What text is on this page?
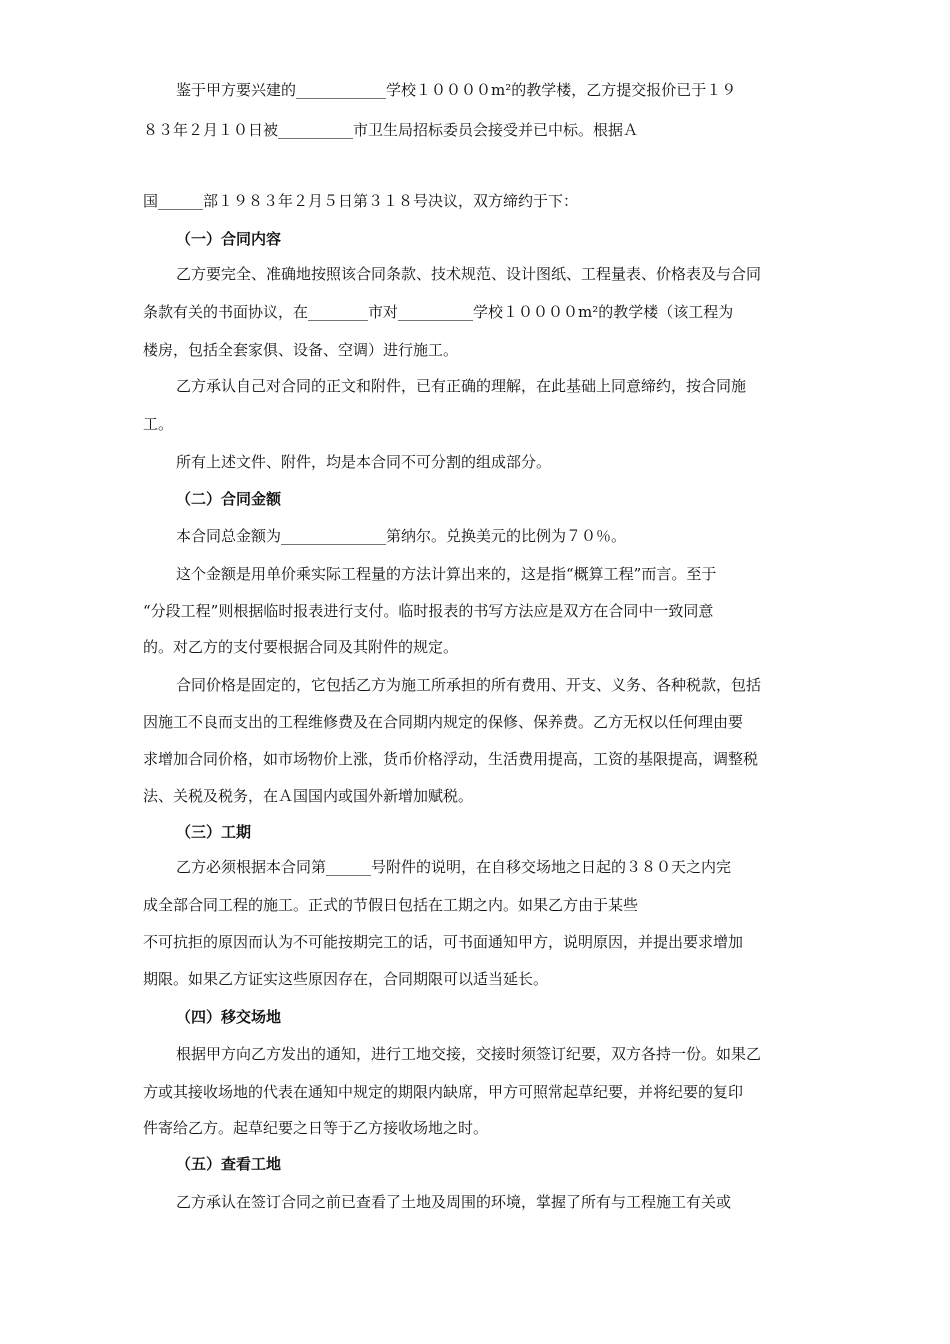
鉴于甲方要兴建的____________学校１００００m²的教学楼，乙方提交报价已于１９
８３年２月１０日被__________市卫生局招标委员会接受并已中标。根据Ａ
国______部１９８３年２月５日第３１８号决议，双方缔约于下：
（一）合同内容
乙方要完全、准确地按照该合同条款、技术规范、设计图纸、工程量表、价格表及与合同
条款有关的书面协议，在________市对__________学校１００００m²的教学楼（该工程为
楼房，包括全套家俱、设备、空调）进行施工。
乙方承认自己对合同的正文和附件，已有正确的理解，在此基础上同意缔约，按合同施
工。
所有上述文件、附件，均是本合同不可分割的组成部分。
（二）合同金额
本合同总金额为______________第纳尔。兑换美元的比例为７０％。
这个金额是用单价乘实际工程量的方法计算出来的，这是指“概算工程”而言。至于
“分段工程”则根据临时报表进行支付。临时报表的书写方法应是双方在合同中一致同意
的。对乙方的支付要根据合同及其附件的规定。
合同价格是固定的，它包括乙方为施工所承担的所有费用、开支、义务、各种税款，包括
因施工不良而支出的工程维修费及在合同期内规定的保修、保养费。乙方无权以任何理由要
求增加合同价格，如市场物价上涨，货币价格浮动，生活费用提高，工资的基限提高，调整税
法、关税及税务，在Ａ国国内或国外新增加赋税。
（三）工期
乙方必须根据本合同第______号附件的说明，在自移交场地之日起的３８０天之内完
成全部合同工程的施工。正式的节假日包括在工期之内。如果乙方由于某些
不可抗拒的原因而认为不可能按期完工的话，可书面通知甲方，说明原因，并提出要求增加
期限。如果乙方证实这些原因存在，合同期限可以适当延长。
（四）移交场地
根据甲方向乙方发出的通知，进行工地交接，交接时须签订纪要，双方各持一份。如果乙
方或其接收场地的代表在通知中规定的期限内缺席，甲方可照常起草纪要，并将纪要的复印
件寄给乙方。起草纪要之日等于乙方接收场地之时。
（五）查看工地
乙方承认在签订合同之前已查看了土地及周围的环境，掌握了所有与工程施工有关或
